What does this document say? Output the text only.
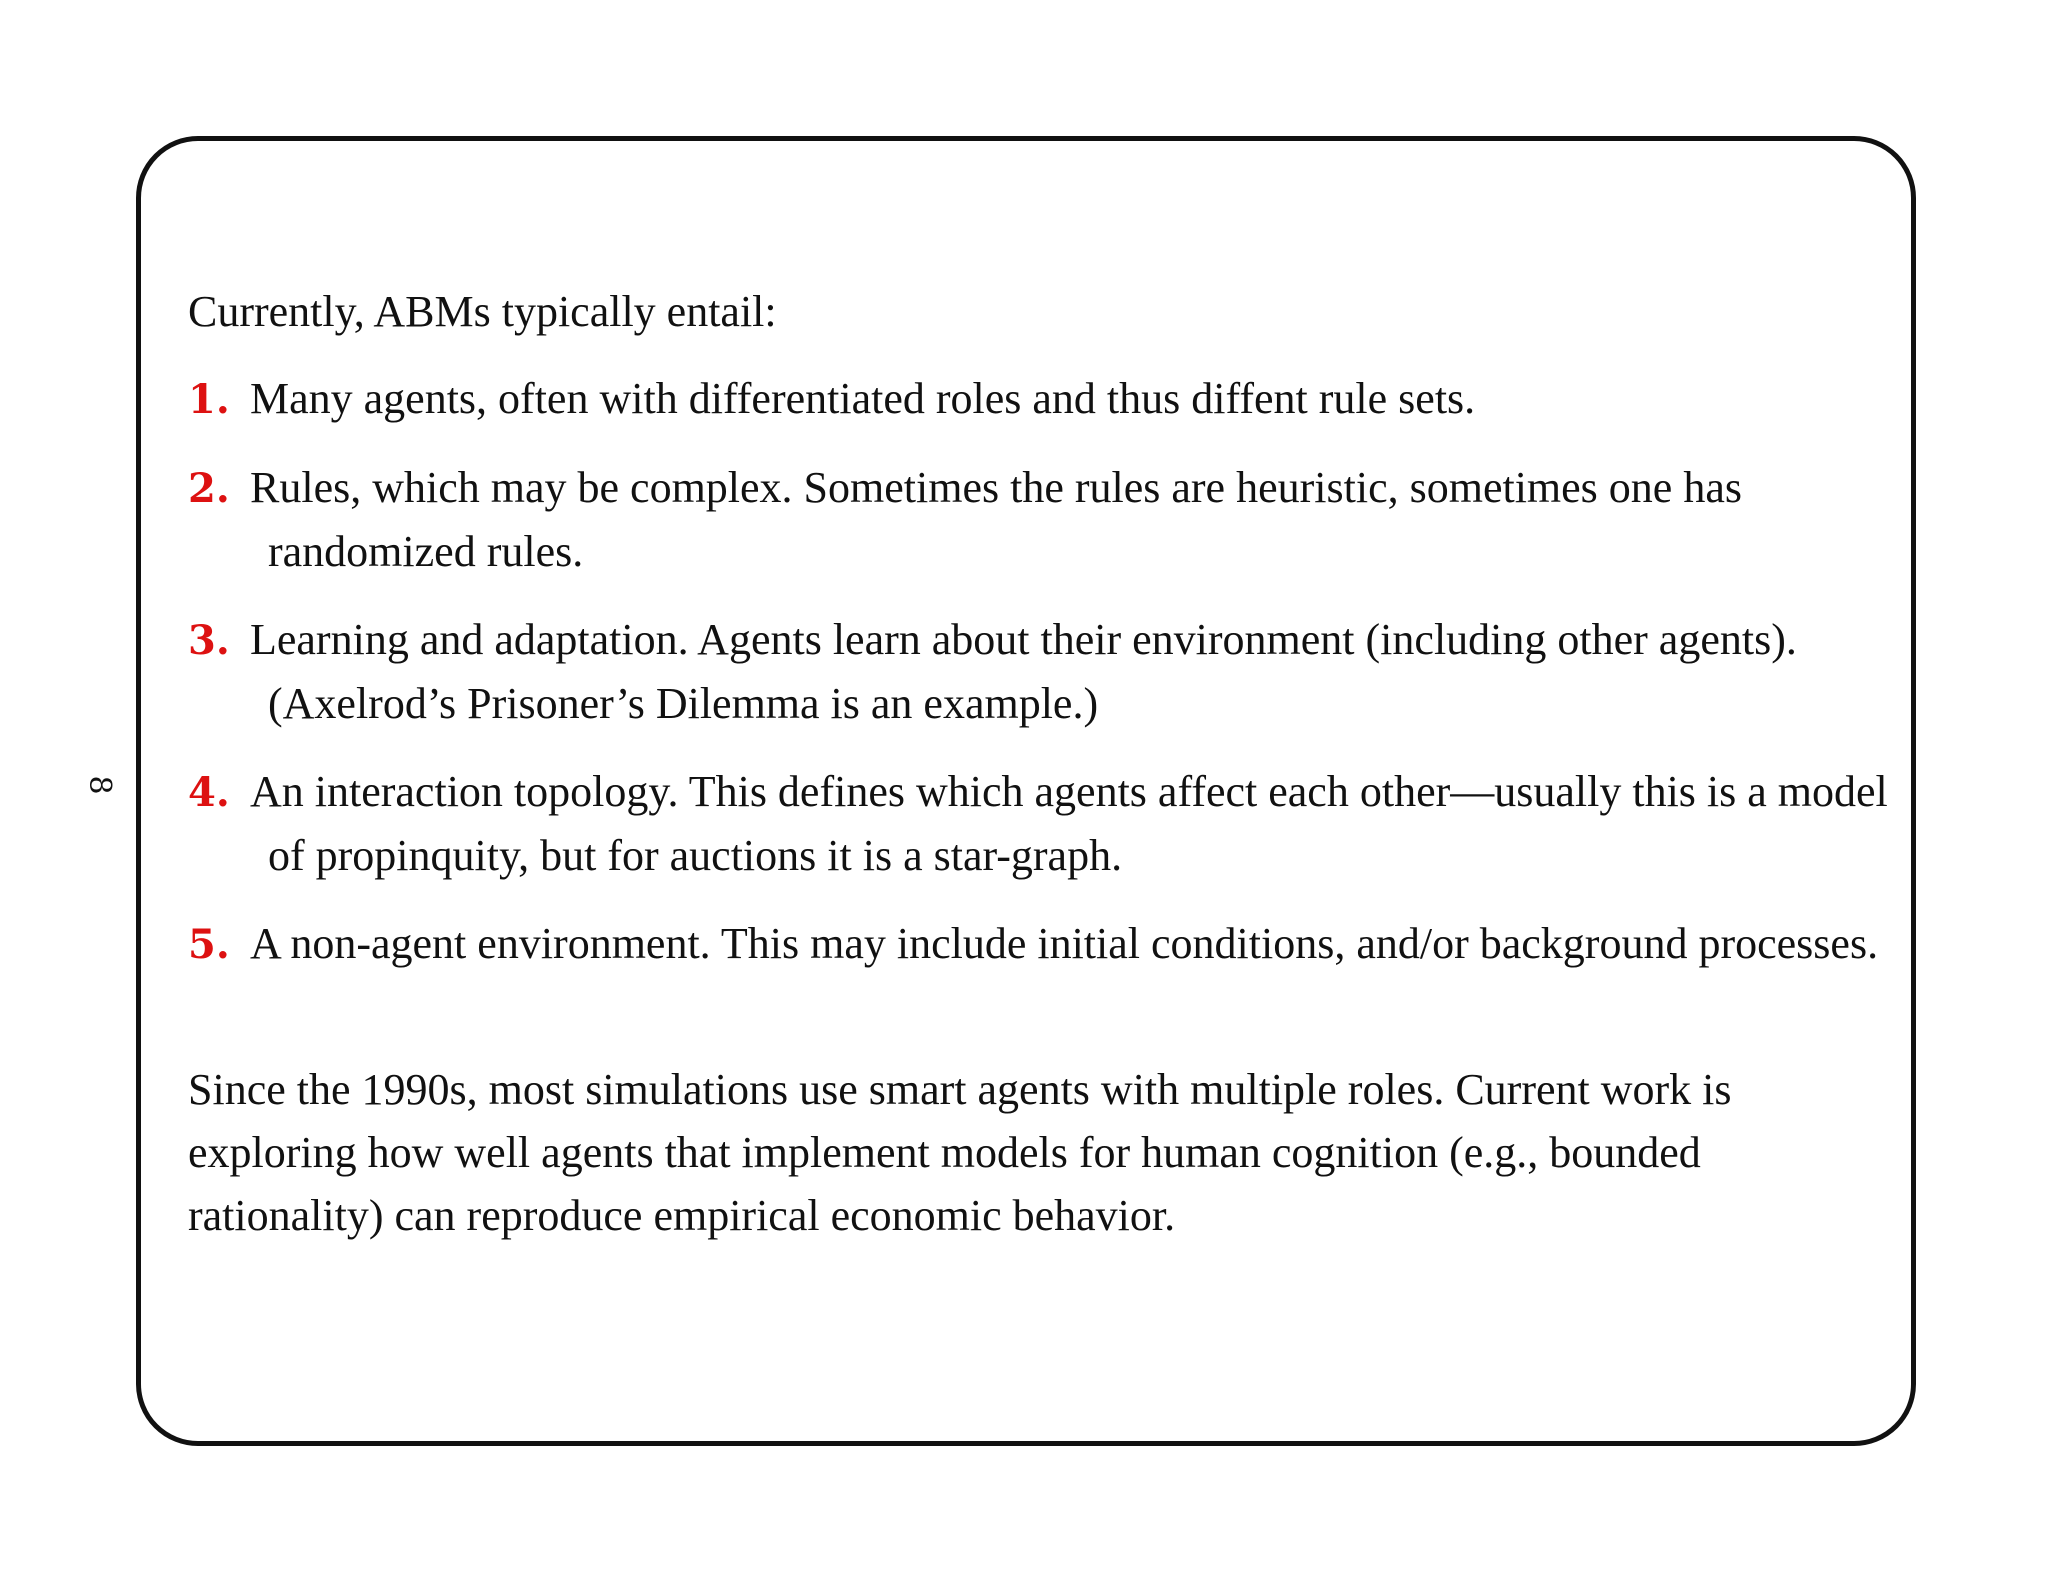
8

Currently, ABMs typically entail:

1. Many agents, often with differentiated roles and thus diffent rule sets.
2. Rules, which may be complex. Sometimes the rules are heuristic, sometimes one has randomized rules.
3. Learning and adaptation. Agents learn about their environment (including other agents). (Axelrod’s Prisoner’s Dilemma is an example.)
4. An interaction topology. This defines which agents affect each other—usually this is a model of propinquity, but for auctions it is a star-graph.
5. A non-agent environment. This may include initial conditions, and/or background processes.

Since the 1990s, most simulations use smart agents with multiple roles. Current work is exploring how well agents that implement models for human cognition (e.g., bounded rationality) can reproduce empirical economic behavior.
